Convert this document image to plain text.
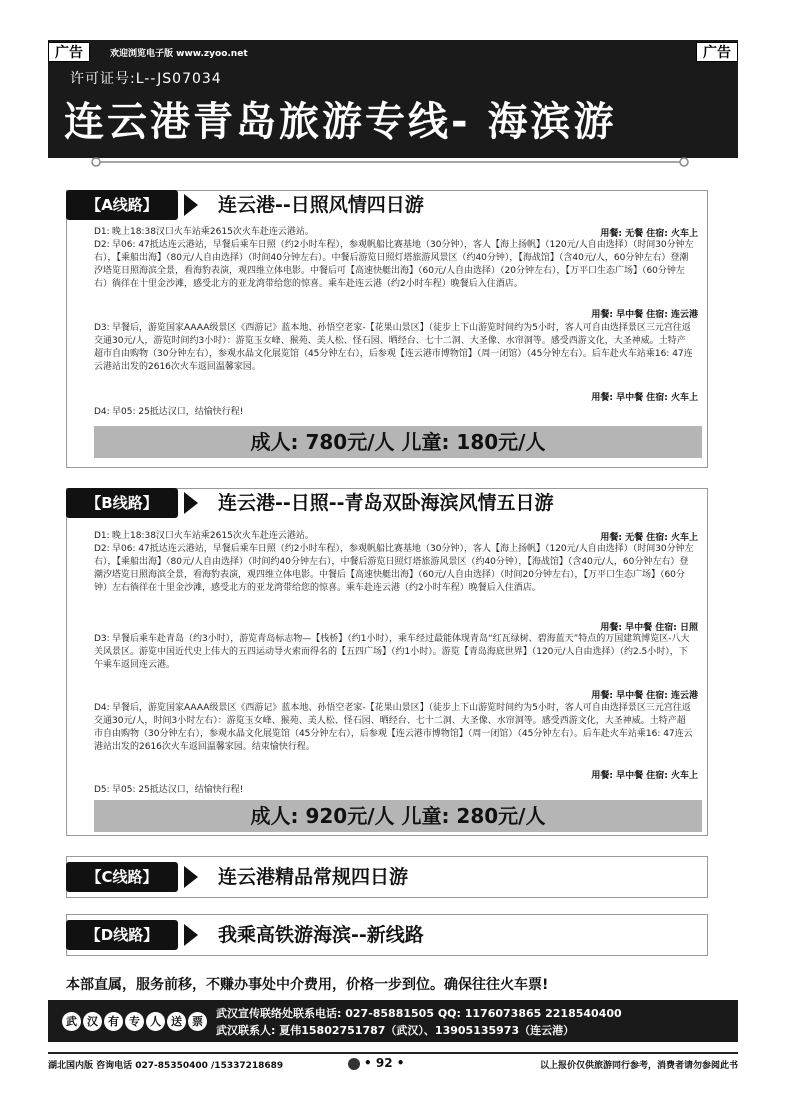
广告	欢迎浏览电子版 www.zyoo.net	广告
许可证号:L--JS07034
连云港青岛旅游专线- 海滨游
【A线路】	连云港--日照风情四日游
D1: 晚上18:38汉口火车站乘2615次火车赴连云港站。	用餐: 无餐 住宿: 火车上
D2: 早06: 47抵达连云港站，早餐后乘车日照（约2小时车程），参观帆船比赛基地（30分钟），客人【海上扬帆】（120元/人自由选择）（时间30分钟左右），【乘船出海】（80元/人自由选择）（时间40分钟左右）。中餐后游览日照灯塔旅游风景区（约40分钟），【海战馆】（含40元/人，60分钟左右）登潮汐塔览日照海滨全景，看海豹表演，观四维立体电影。中餐后可【高速快艇出海】（60元/人自由选择）（20分钟左右），【万平口生态广场】（60分钟左右）徜徉在十里金沙滩，感受北方的亚龙湾带给您的惊喜。乘车赴连云港（约2小时车程）晚餐后入住酒店。
用餐: 早中餐 住宿: 连云港
D3: 早餐后，游览国家AAAA级景区《西游记》蓝本地、孙悟空老家-【花果山景区】（徒步上下山游览时间约为5小时，客人可自由选择景区三元宫往返交通30元/人，游览时间约3小时）：游览玉女峰、猴苑、美人松、怪石园、晒经台、七十二洞、大圣像、水帘洞等。感受西游文化，大圣神威。土特产超市自由购物（30分钟左右），参观水晶文化展览馆（45分钟左右），后参观【连云港市博物馆】（周一闭馆）（45分钟左右）。后车赴火车站乘16: 47连云港站出发的2616次火车返回温馨家园。
用餐: 早中餐 住宿: 火车上
D4: 早05: 25抵达汉口，结愉快行程!
成人: 780元/人 儿童: 180元/人
【B线路】	连云港--日照--青岛双卧海滨风情五日游
D1: 晚上18:38汉口火车站乘2615次火车赴连云港站。	用餐: 无餐 住宿: 火车上
D2: 早06: 47抵达连云港站，早餐后乘车日照（约2小时车程），参观帆船比赛基地（30分钟），客人【海上扬帆】（120元/人自由选择）（时间30分钟左右），【乘船出海】（80元/人自由选择）（时间约40分钟左右），中餐后游览日照灯塔旅游风景区（约40分钟），【海战馆】（含40元/人，60分钟左右）登潮汐塔览日照海滨全景，看海豹表演，观四维立体电影。中餐后【高速快艇出海】（60元/人自由选择）（时间20分钟左右），【万平口生态广场】（60分钟）左右徜徉在十里金沙滩，感受北方的亚龙湾带给您的惊喜。乘车赴连云港（约2小时车程）晚餐后入住酒店。
用餐: 早中餐 住宿: 日照
D3: 早餐后乘车赴青岛（约3小时），游览青岛标志物—【栈桥】（约1小时），乘车经过最能体现青岛“红瓦绿树、碧海蓝天”特点的万国建筑博览区-八大关风景区。游览中国近代史上伟大的五四运动导火索而得名的【五四广场】（约1小时）。游览【青岛海底世界】（120元/人自由选择）（约2.5小时），下午乘车返回连云港。
用餐: 早中餐 住宿: 连云港
D4: 早餐后，游览国家AAAA级景区《西游记》蓝本地、孙悟空老家-【花果山景区】（徒步上下山游览时间约为5小时，客人可自由选择景区三元宫往返交通30元/人，时间3小时左右）：游览玉女峰、猴苑、美人松、怪石园、晒经台、七十二洞、大圣像、水帘洞等。感受西游文化，大圣神威。土特产超市自由购物（30分钟左右），参观水晶文化展览馆（45分钟左右），后参观【连云港市博物馆】（周一闭馆）（45分钟左右）。后车赴火车站乘16: 47连云港站出发的2616次火车返回温馨家园。结束愉快行程。
用餐: 早中餐 住宿: 火车上
D5: 早05: 25抵达汉口，结愉快行程!
成人: 920元/人 儿童: 280元/人
【C线路】	连云港精品常规四日游
【D线路】	我乘高铁游海滨--新线路
本部直属，服务前移，不赚办事处中介费用，价格一步到位。确保往往火车票!
武 汉 有 专 人 送 票
武汉宣传联络处联系电话: 027-85881505 QQ: 1176073865 2218540400
武汉联系人: 夏伟15802751787（武汉）、13905135973（连云港）
湖北国内版 咨询电话 027-85350400 /15337218689	• 92 •	以上报价仅供旅游同行参考，消费者请勿参阅此书
